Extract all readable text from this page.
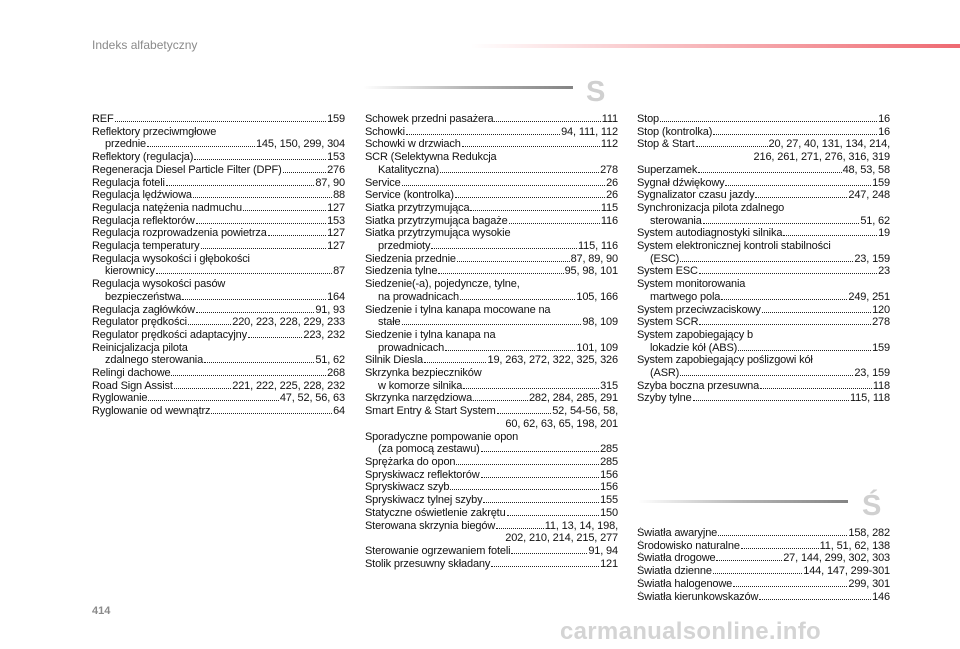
Indeks alfabetyczny
S
REF	159
Reflektory przeciwmgłowe
przednie	145, 150, 299, 304
Reflektory (regulacja)	153
Regeneracja Diesel Particle Filter (DPF)	276
Regulacja foteli	87, 90
Regulacja lędźwiowa	88
Regulacja natężenia nadmuchu	127
Regulacja reflektorów	153
Regulacja rozprowadzenia powietrza	127
Regulacja temperatury	127
Regulacja wysokości i głębokości
kierownicy	87
Regulacja wysokości pasów
bezpieczeństwa	164
Regulacja zagłówków	91, 93
Regulator prędkości	220, 223, 228, 229, 233
Regulator prędkości adaptacyjny	223, 232
Reinicjalizacja pilota
zdalnego sterowania	51, 62
Relingi dachowe	268
Road Sign Assist	221, 222, 225, 228, 232
Ryglowanie	47, 52, 56, 63
Ryglowanie od wewnątrz	64
Schowek przedni pasażera	111
Schowki	94, 111, 112
Schowki w drzwiach	112
SCR (Selektywna Redukcja
Katalityczna)	278
Service	26
Service (kontrolka)	26
Siatka przytrzymująca	115
Siatka przytrzymująca bagaże	116
Siatka przytrzymująca wysokie
przedmioty	115, 116
Siedzenia przednie	87, 89, 90
Siedzenia tylne	95, 98, 101
Siedzenie(-a), pojedyncze, tylne,
na prowadnicach	105, 166
Siedzenie i tylna kanapa mocowane na
stałe	98, 109
Siedzenie i tylna kanapa na
prowadnicach	101, 109
Silnik Diesla	19, 263, 272, 322, 325, 326
Skrzynka bezpieczników
w komorze silnika	315
Skrzynka narzędziowa	282, 284, 285, 291
Smart Entry & Start System	52, 54-56, 58,
60, 62, 63, 65, 198, 201
Sporadyczne pompowanie opon
(za pomocą zestawu)	285
Sprężarka do opon	285
Spryskiwacz reflektorów	156
Spryskiwacz szyb	156
Spryskiwacz tylnej szyby	155
Statyczne oświetlenie zakrętu	150
Sterowana skrzynia biegów	11, 13, 14, 198,
202, 210, 214, 215, 277
Sterowanie ogrzewaniem foteli	91, 94
Stolik przesuwny składany	121
Stop	16
Stop (kontrolka)	16
Stop & Start	20, 27, 40, 131, 134, 214,
216, 261, 271, 276, 316, 319
Superzamek	48, 53, 58
Sygnał dźwiękowy	159
Sygnalizator czasu jazdy	247, 248
Synchronizacja pilota zdalnego
sterowania	51, 62
System autodiagnostyki silnika	19
System elektronicznej kontroli stabilności
(ESC)	23, 159
System ESC	23
System monitorowania
martwego pola	249, 251
System przeciwzaciskowy	120
System SCR	278
System zapobiegający b
lokadzie kół (ABS)	159
System zapobiegający poślizgowi kół
(ASR)	23, 159
Szyba boczna przesuwna	118
Szyby tylne	115, 118
Ś
Światła awaryjne	158, 282
Środowisko naturalne	11, 51, 62, 138
Światła drogowe	27, 144, 299, 302, 303
Światła dzienne	144, 147, 299-301
Światła halogenowe	299, 301
Światła kierunkowskazów	146
414
carmanualsonline.info
